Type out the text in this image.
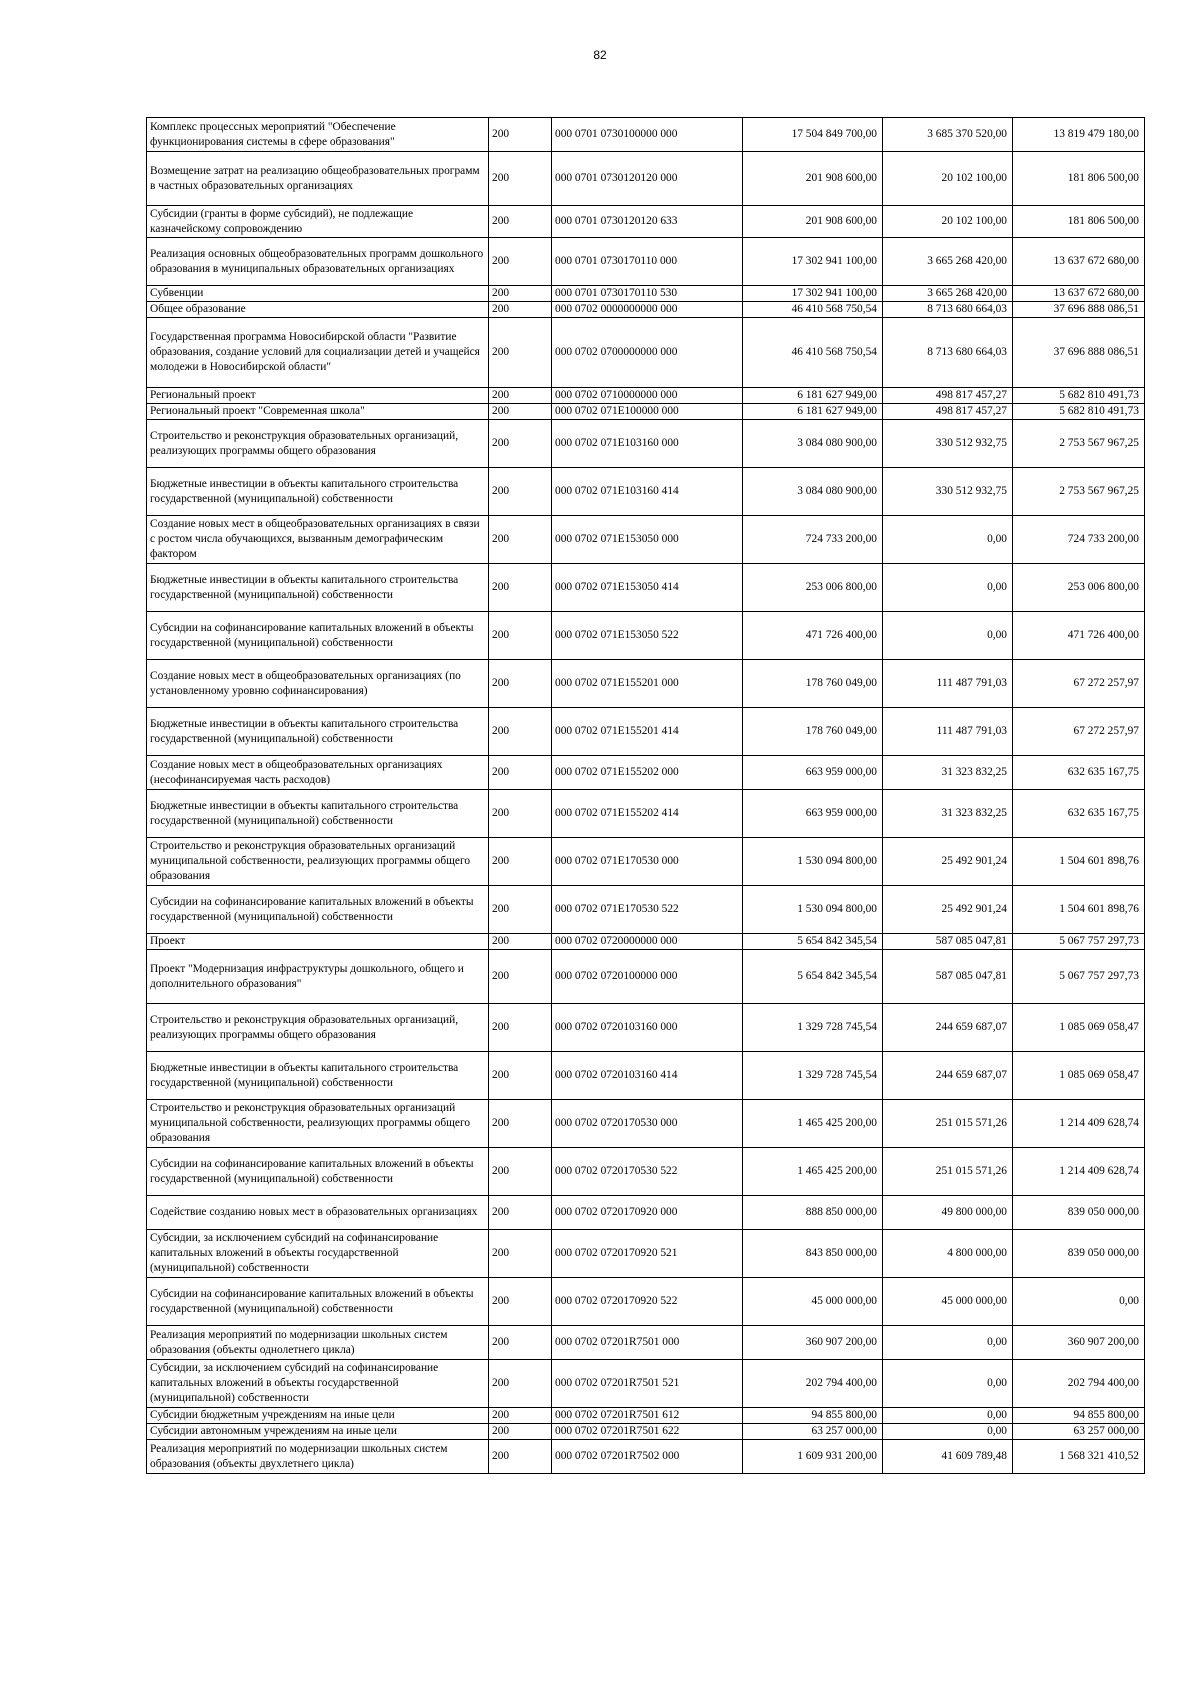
82
Комплекс процессных мероприятий "Обеспечение функционирования системы в сфере образования"	200	000 0701 0730100000 000	17 504 849 700,00	3 685 370 520,00	13 819 479 180,00
Возмещение затрат на реализацию общеобразовательных программ в частных образовательных организациях	200	000 0701 0730120120 000	201 908 600,00	20 102 100,00	181 806 500,00
Субсидии (гранты в форме субсидий), не подлежащие казначейскому сопровождению	200	000 0701 0730120120 633	201 908 600,00	20 102 100,00	181 806 500,00
Реализация основных общеобразовательных программ дошкольного образования в муниципальных образовательных организациях	200	000 0701 0730170110 000	17 302 941 100,00	3 665 268 420,00	13 637 672 680,00
Субвенции	200	000 0701 0730170110 530	17 302 941 100,00	3 665 268 420,00	13 637 672 680,00
Общее образование	200	000 0702 0000000000 000	46 410 568 750,54	8 713 680 664,03	37 696 888 086,51
Государственная программа Новосибирской области "Развитие образования, создание условий для социализации детей и учащейся молодежи в Новосибирской области"	200	000 0702 0700000000 000	46 410 568 750,54	8 713 680 664,03	37 696 888 086,51
Региональный проект	200	000 0702 0710000000 000	6 181 627 949,00	498 817 457,27	5 682 810 491,73
Региональный проект "Современная школа"	200	000 0702 071Е100000 000	6 181 627 949,00	498 817 457,27	5 682 810 491,73
Строительство и реконструкция образовательных организаций, реализующих программы общего образования	200	000 0702 071Е103160 000	3 084 080 900,00	330 512 932,75	2 753 567 967,25
Бюджетные инвестиции в объекты капитального строительства государственной (муниципальной) собственности	200	000 0702 071Е103160 414	3 084 080 900,00	330 512 932,75	2 753 567 967,25
Создание новых мест в общеобразовательных организациях в связи с ростом числа обучающихся, вызванным демографическим фактором	200	000 0702 071Е153050 000	724 733 200,00	0,00	724 733 200,00
Бюджетные инвестиции в объекты капитального строительства государственной (муниципальной) собственности	200	000 0702 071Е153050 414	253 006 800,00	0,00	253 006 800,00
Субсидии на софинансирование капитальных вложений в объекты государственной (муниципальной) собственности	200	000 0702 071Е153050 522	471 726 400,00	0,00	471 726 400,00
Создание новых мест в общеобразовательных организациях (по установленному уровню софинансирования)	200	000 0702 071Е155201 000	178 760 049,00	111 487 791,03	67 272 257,97
Бюджетные инвестиции в объекты капитального строительства государственной (муниципальной) собственности	200	000 0702 071Е155201 414	178 760 049,00	111 487 791,03	67 272 257,97
Создание новых мест в общеобразовательных организациях (несофинансируемая часть расходов)	200	000 0702 071Е155202 000	663 959 000,00	31 323 832,25	632 635 167,75
Бюджетные инвестиции в объекты капитального строительства государственной (муниципальной) собственности	200	000 0702 071Е155202 414	663 959 000,00	31 323 832,25	632 635 167,75
Строительство и реконструкция образовательных организаций муниципальной собственности, реализующих программы общего образования	200	000 0702 071Е170530 000	1 530 094 800,00	25 492 901,24	1 504 601 898,76
Субсидии на софинансирование капитальных вложений в объекты государственной (муниципальной) собственности	200	000 0702 071Е170530 522	1 530 094 800,00	25 492 901,24	1 504 601 898,76
Проект	200	000 0702 0720000000 000	5 654 842 345,54	587 085 047,81	5 067 757 297,73
Проект "Модернизация инфраструктуры дошкольного, общего и дополнительного образования"	200	000 0702 0720100000 000	5 654 842 345,54	587 085 047,81	5 067 757 297,73
Строительство и реконструкция образовательных организаций, реализующих программы общего образования	200	000 0702 0720103160 000	1 329 728 745,54	244 659 687,07	1 085 069 058,47
Бюджетные инвестиции в объекты капитального строительства государственной (муниципальной) собственности	200	000 0702 0720103160 414	1 329 728 745,54	244 659 687,07	1 085 069 058,47
Строительство и реконструкция образовательных организаций муниципальной собственности, реализующих программы общего образования	200	000 0702 0720170530 000	1 465 425 200,00	251 015 571,26	1 214 409 628,74
Субсидии на софинансирование капитальных вложений в объекты государственной (муниципальной) собственности	200	000 0702 0720170530 522	1 465 425 200,00	251 015 571,26	1 214 409 628,74
Содействие созданию новых мест в образовательных организациях	200	000 0702 0720170920 000	888 850 000,00	49 800 000,00	839 050 000,00
Субсидии, за исключением субсидий на софинансирование капитальных вложений в объекты государственной (муниципальной) собственности	200	000 0702 0720170920 521	843 850 000,00	4 800 000,00	839 050 000,00
Субсидии на софинансирование капитальных вложений в объекты государственной (муниципальной) собственности	200	000 0702 0720170920 522	45 000 000,00	45 000 000,00	0,00
Реализация мероприятий по модернизации школьных систем образования (объекты однолетнего цикла)	200	000 0702 07201R7501 000	360 907 200,00	0,00	360 907 200,00
Субсидии, за исключением субсидий на софинансирование капитальных вложений в объекты государственной (муниципальной) собственности	200	000 0702 07201R7501 521	202 794 400,00	0,00	202 794 400,00
Субсидии бюджетным учреждениям на иные цели	200	000 0702 07201R7501 612	94 855 800,00	0,00	94 855 800,00
Субсидии автономным учреждениям на иные цели	200	000 0702 07201R7501 622	63 257 000,00	0,00	63 257 000,00
Реализация мероприятий по модернизации школьных систем образования (объекты двухлетнего цикла)	200	000 0702 07201R7502 000	1 609 931 200,00	41 609 789,48	1 568 321 410,52
